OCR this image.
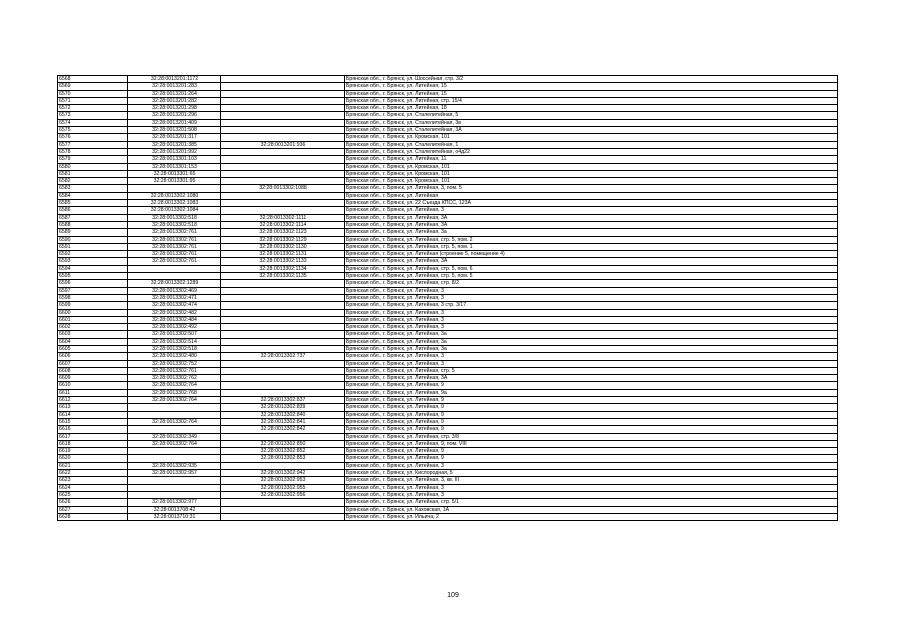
6568	32:28:0013201:1172		Брянская обл., г. Брянск, ул. Шоссейная, стр. 3/2
6569	32:28:0013201:283		Брянская обл., г. Брянск, ул. Литейная, 15
6570	32:28:0013201:264		Брянская обл., г. Брянск, ул. Литейная, 15
6571	32:28:0013201:282		Брянская обл., г. Брянск, ул. Литейная, стр. 15/4
6572	32:28:0013201:298		Брянская обл., г. Брянск, ул. Литейная, 18
6573	32:28:0013201:296		Брянская обл., г. Брянск, ул. Сталелитейная, 5
6574	32:28:0013201:409		Брянская обл., г. Брянск, ул. Сталелитейная, 3в
6575	32:28:0013201:508		Брянская обл., г. Брянск, ул. Сталелитейная, 3А
6576	32:28:0013201:317		Брянская обл., г. Брянск, ул. Кромская, 101
6577	32:28:0013201:385	32:28:0013201:936	Брянская обл., г. Брянск, ул. Сталелитейная, 1
6578	32:28:0013201:992		Брянская обл., г. Брянск, ул. Сталелитейная, о4д22
6579	32:28:0013301:103		Брянская обл., г. Брянск, ул. Литейная, 11
6580	32:28:0013301:153		Брянская обл., г. Брянск, ул. Кромская, 101
6581	32:28:0013301:65		Брянская обл., г. Брянск, ул. Кромская, 101
6582	32:28:0013301:95		Брянская обл., г. Брянск, ул. Кромская, 101
6583		32:28:0013302:1088	Брянская обл., г. Брянск, ул. Литейная, 3, пом. 5
6584	32:28:0013302:1080		Брянская обл., г. Брянск, ул. Литейная
6585	32:28:0013302:1083		Брянская обл., г. Брянск, ул. 22 Съезда КПСС, 123А
6586	32:28:0013302:1084		Брянская обл., г. Брянск, ул. Литейная, 3
6587	32:28:0013302:518	32:28:0013302:1111	Брянская обл., г. Брянск, ул. Литейная, 3А
6588	32:28:0013302:518	32:28:0013302:1114	Брянская обл., г. Брянск, ул. Литейная, 3А
6589	32:28:0013302:761	32:28:0013302:1123	Брянская обл., г. Брянск, ул. Литейная, 3а
6590	32:28:0013302:761	32:28:0013302:1129	Брянская обл., г. Брянск, ул. Литейная, стр. 5, пом. 2
6591	32:28:0013302:761	32:28:0013302:1130	Брянская обл., г. Брянск, ул. Литейная, стр. 5, пом. 1
6592	32:28:0013302:761	32:28:0013302:1131	Брянская обл., г. Брянск, ул. Литейная (строение 5, помещение 4)
6593	32:28:0013302:761	32:28:0013302:1133	Брянская обл., г. Брянск, ул. Литейная, 3А
6594		32:28:0013302:1134	Брянская обл., г. Брянск, ул. Литейная, стр. 5, пом. 6
6595		32:28:0013302:1135	Брянская обл., г. Брянск, ул. Литейная, стр. 5, пом. 5
6596	32:28:0013302:1289		Брянская обл., г. Брянск, ул. Литейная, стр. 8/2
6597	32:28:0013302:469		Брянская обл., г. Брянск, ул. Литейная, 3
6598	32:28:0013302:471		Брянская обл., г. Брянск, ул. Литейная, 3
6599	32:28:0013302:474		Брянская обл., г. Брянск, ул. Литейная, 3 стр. 3/17
6600	32:28:0013302:482		Брянская обл., г. Брянск, ул. Литейная, 3
6601	32:28:0013302:484		Брянская обл., г. Брянск, ул. Литейная, 3
6602	32:28:0013302:492		Брянская обл., г. Брянск, ул. Литейная, 3
6603	32:28:0013302:507		Брянская обл., г. Брянск, ул. Литейная, 3а
6604	32:28:0013302:514		Брянская обл., г. Брянск, ул. Литейная, 3а
6605	32:28:0013302:518		Брянская обл., г. Брянск, ул. Литейная, 3а
6606	32:28:0013302:480	32:28:0013302:737	Брянская обл., г. Брянск, ул. Литейная, 3
6607	32:28:0013302:752		Брянская обл., г. Брянск, ул. Литейная, 3
6608	32:28:0013302:761		Брянская обл., г. Брянск, ул. Литейная, стр. 5
6609	32:28:0013302:762		Брянская обл., г. Брянск, ул. Литейная, 3А
6610	32:28:0013302:764		Брянская обл., г. Брянск, ул. Литейная, 9
6611	32:28:0013302:768		Брянская обл., г. Брянск, ул. Литейная, 9а
6612	32:28:0013302:764	32:28:0013302:837	Брянская обл., г. Брянск, ул. Литейная, 9
6613		32:28:0013302:839	Брянская обл., г. Брянск, ул. Литейная, 9
6614		32:28:0013302:840	Брянская обл., г. Брянск, ул. Литейная, 9
6615	32:28:0013302:764	32:28:0013302:841	Брянская обл., г. Брянск, ул. Литейная, 9
6616		32:28:0013302:842	Брянская обл., г. Брянск, ул. Литейная, 9
6617	32:28:0013302:349		Брянская обл., г. Брянск, ул. Литейная, стр. 3/8
6618	32:28:0013302:764	32:28:0013302:850	Брянская обл., г. Брянск, ул. Литейная, 9, пом. VIII
6619		32:28:0013302:852	Брянская обл., г. Брянск, ул. Литейная, 9
6620		32:28:0013302:853	Брянская обл., г. Брянск, ул. Литейная, 9
6621	32:28:0013302:935		Брянская обл., г. Брянск, ул. Литейная, 3
6622	32:28:0013302:957	32:28:0013302:942	Брянская обл., г. Брянск, ул. Кислородная, 5
6623		32:28:0013302:953	Брянская обл., г. Брянск, ул. Литейная, 3, кв. III
6624		32:28:0013302:955	Брянская обл., г. Брянск, ул. Литейная, 3
6625		32:28:0013302:956	Брянская обл., г. Брянск, ул. Литейная, 3
6626	32:28:0013302:977		Брянская обл., г. Брянск, ул. Литейная, стр. 5/1
6627	32:28:0013708:42		Брянская обл., г. Брянск, ул. Каховская, 1А
6628	32:28:0013710:31		Брянская обл., г. Брянск, ул. Ильича, 2
109
